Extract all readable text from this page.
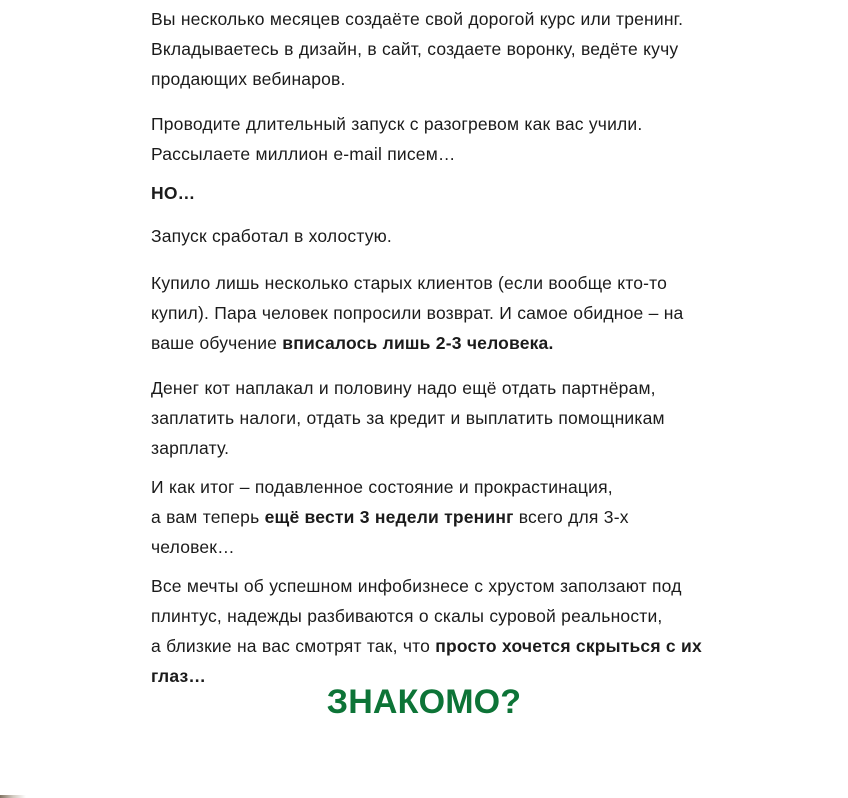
Вы несколько месяцев создаёте свой дорогой курс или тренинг. Вкладываетесь в дизайн, в сайт, создаете воронку, ведёте кучу продающих вебинаров.

Проводите длительный запуск с разогревом как вас учили. Рассылаете миллион e-mail писем…

НО…

Запуск сработал в холостую.

Купило лишь несколько старых клиентов (если вообще кто-то купил). Пара человек попросили возврат. И самое обидное – на ваше обучение вписалось лишь 2-3 человека.

Денег кот наплакал и половину надо ещё отдать партнёрам, заплатить налоги, отдать за кредит и выплатить помощникам зарплату.

И как итог – подавленное состояние и прокрастинация,
а вам теперь ещё вести 3 недели тренинг всего для 3-х человек…

Все мечты об успешном инфобизнесе с хрустом заползают под плинтус, надежды разбиваются о скалы суровой реальности,
а близкие на вас смотрят так, что просто хочется скрыться с их глаз…

ЗНАКОМО?
